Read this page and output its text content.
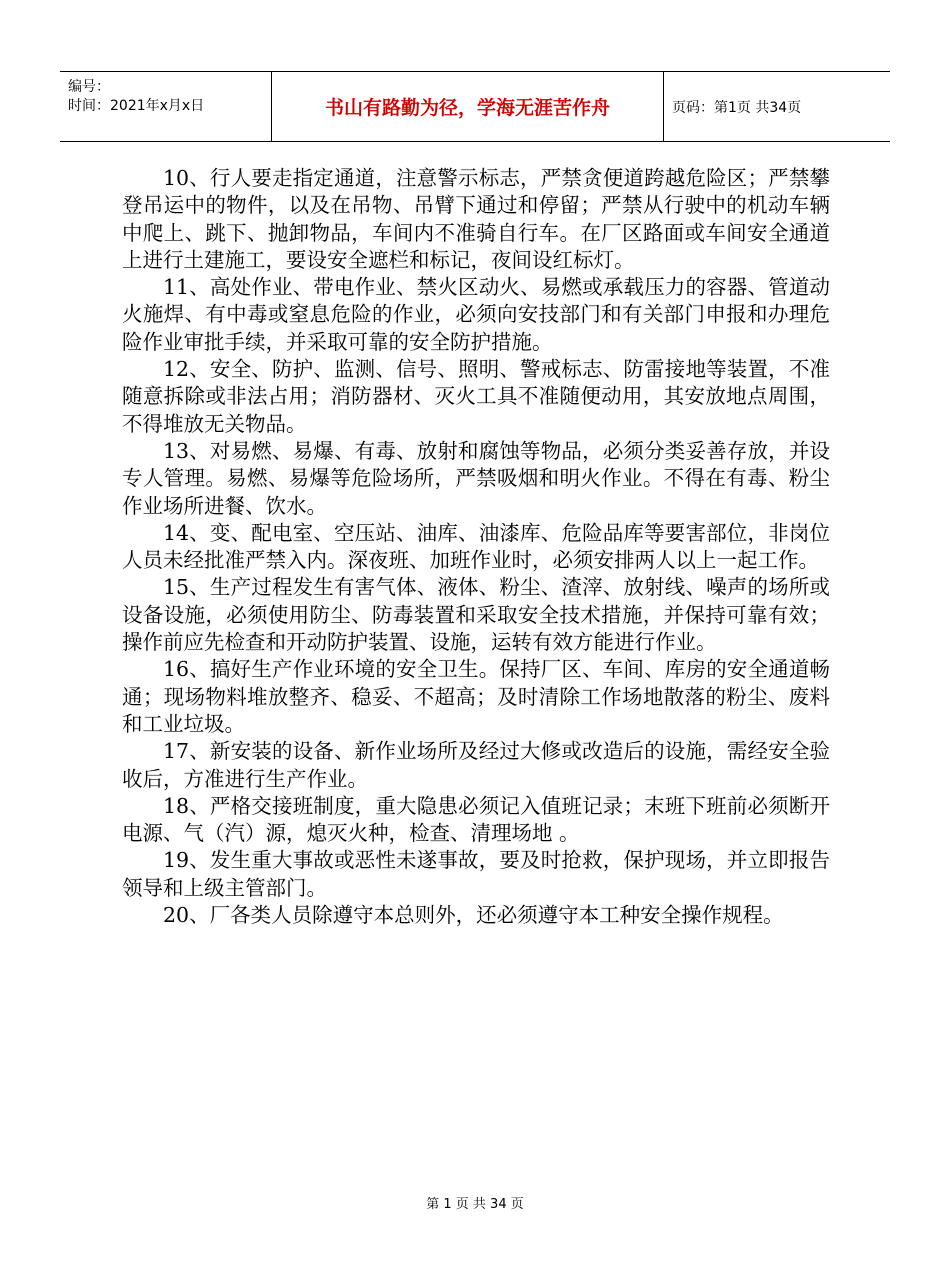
编号：
时间：2021年x月x日	书山有路勤为径，学海无涯苦作舟	页码：第1页 共34页

10、行人要走指定通道，注意警示标志，严禁贪便道跨越危险区；严禁攀登吊运中的物件，以及在吊物、吊臂下通过和停留；严禁从行驶中的机动车辆中爬上、跳下、抛卸物品，车间内不准骑自行车。在厂区路面或车间安全通道上进行土建施工，要设安全遮栏和标记，夜间设红标灯。

11、高处作业、带电作业、禁火区动火、易燃或承载压力的容器、管道动火施焊、有中毒或窒息危险的作业，必须向安技部门和有关部门申报和办理危险作业审批手续，并采取可靠的安全防护措施。

12、安全、防护、监测、信号、照明、警戒标志、防雷接地等装置，不准随意拆除或非法占用；消防器材、灭火工具不准随便动用，其安放地点周围，不得堆放无关物品。

13、对易燃、易爆、有毒、放射和腐蚀等物品，必须分类妥善存放，并设专人管理。易燃、易爆等危险场所，严禁吸烟和明火作业。不得在有毒、粉尘作业场所进餐、饮水。

14、变、配电室、空压站、油库、油漆库、危险品库等要害部位，非岗位人员未经批准严禁入内。深夜班、加班作业时，必须安排两人以上一起工作。

15、生产过程发生有害气体、液体、粉尘、渣滓、放射线、噪声的场所或设备设施，必须使用防尘、防毒装置和采取安全技术措施，并保持可靠有效；操作前应先检查和开动防护装置、设施，运转有效方能进行作业。

16、搞好生产作业环境的安全卫生。保持厂区、车间、库房的安全通道畅通；现场物料堆放整齐、稳妥、不超高；及时清除工作场地散落的粉尘、废料和工业垃圾。

17、新安装的设备、新作业场所及经过大修或改造后的设施，需经安全验收后，方准进行生产作业。

18、严格交接班制度，重大隐患必须记入值班记录；末班下班前必须断开电源、气（汽）源，熄灭火种，检查、清理场地 。

19、发生重大事故或恶性未遂事故，要及时抢救，保护现场，并立即报告领导和上级主管部门。

20、厂各类人员除遵守本总则外，还必须遵守本工种安全操作规程。

第 1 页 共 34 页
